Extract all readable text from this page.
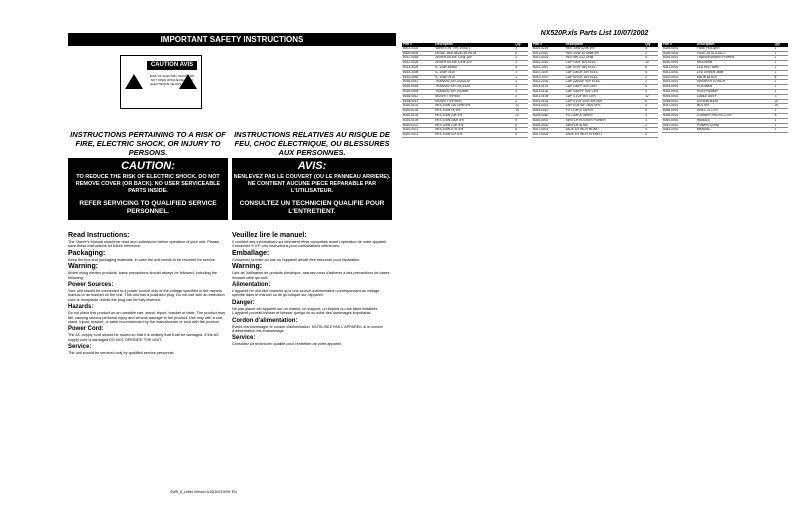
IMPORTANT SAFETY INSTRUCTIONS
CAUTION AVIS
RISK OF ELECTRIC SHOCK DO NOT OPEN RISQUE DE CHOC ELECTRIQUE NE PAS OUVRIR
INSTRUCTIONS PERTAINING TO A RISK OF FIRE, ELECTRIC SHOCK, OR INJURY TO PERSONS.
INSTRUCTIONS RELATIVES AU RISQUE DE FEU, CHOC ÉLECTRIQUE, OU BLESSURES AUX PERSONNES.
CAUTION:
TO REDUCE THE RISK OF ELECTRIC SHOCK, DO NOT REMOVE COVER (OR BACK). NO USER SERVICEABLE PARTS INSIDE.
REFER SERVICING TO QUALIFIED SERVICE PERSONNEL.
AVIS:
NENLEVEZ PAS LE COUVERT (OU LE PANNEAU ARRIERE). NE CONTIENT AUCUNE PIECE REPARABLE PAR L'UTILISATEUR.
CONSULTEZ UN TECHNICIEN QUALIFIE POUR L'ENTRETIENT.
Read Instructions:

The Owner's Manual should be read and understood before operation of your unit. Please, save these instructions for future reference.

Packaging:

Keep the box and packaging materials, in case the unit needs to be returned for service.

Warning:

When using electric products, basic precautions should always be followed, including the following:

Power Sources:

Your unit should be connected to a power source only of the voltage specified in the owners manual or as marked on the unit. This unit has a polarized plug. Do not use with an extension cord or receptacle unless the plug can be fully inserted.

Hazards:

Do not place this product on an unstable cart, stand, tripod, bracket or table. The product may fall, causing serious personal injury and serious damage to the product. Use only with a cart, stand, tripod, bracket, or table recommended by the manufacturer or sold with the product.

Power Cord:

The AC supply cord should be routed so that it is unlikely that it will be damaged. If the AC supply cord is damaged DO NOT OPERATE THE UNIT.

Service:

The unit should be serviced only by qualified service personnel.

Veuillez lire le manuel:

Il contient des informations qui devraient êtres comprises avant l'opération de votre appareil. Conservez S.V.P. ces instructions pour consultations ultérieures.

Emballage:

Conservez la boite au cas ou l'appareil devait être retourner pour réparation.

Warning:

Lors de l'utilisation de produits électrique, assurez-vous d'adhérer à des précautions de bases incluant celle qui suit:

Alimentation:

L'appareil ne doit être branché qu'à une source d'alimentation correspondant au voltage spécifié dans le manuel ou tel qu'indiqué sur l'appareil.

Danger:

Ne pas placer cet appareil sur un chariot, un support, un trépied ou une table instables. L'appareil pourrait tomber et blesser quelqu'un ou subir des dommages importants.

Cordon d'alimentation:

Évitez d'endommager le cordon d'alimentation. N'UTILISEZ PAS L'APPAREIL si le cordon d'alimentation est endommagé.

Service:

Consultez un technicien qualifié pour l'entretien de votre appareil.

SWR_6_Letter Version 4/26/2003 6/99: EN
NX520P.xls Parts List 10/07/2002
Part #	Description	Qty
6002-0302	VARISTOR TVR 10G471	1
6005-3004	DIODE 1N4148 D0-35 PA 28	6
6012-0018	ZENER DIODE 1/2W 15V	2
6012-0028	ZENER DIODE 1/2W 22V	2
6014-3025	IC 1/4W 4558D	4
6014-3039	IC 1/4W 7815	1
6014-3040	IC 1/4W 7915	1
6016-0012	TRANSISTOR 2SA1015	3
6016-0054	TRANSISTOR 2SC1815	3
6016-0094	TRANSISTOR 2SD669	2
6018-0012	MOSFET IRF540	2
6018-0013	MOSFET IRF9540	2
6020-0101	RES 1/4W 100 OHM 5%	12
6020-0102	RES 1/4W 1K 5%	18
6020-0103	RES 1/4W 10K 5%	22
6020-0104	RES 1/4W 100K 5%	9
6020-0222	RES 1/4W 2.2K 5%	6
6020-0472	RES 1/4W 4.7K 5%	8
6020-0473	RES 1/4W 47K 5%	5
Part #	Description	Qty
6020-0224	RES 1/4W 220K 5%	4
6021-0010	RES 1/2W 10 OHM 5%	2
6021-0022	RES 5W 0.22 OHM	4
6022-1010	CAP 10UF 50V ELEC	10
6022-1047	CAP 47UF 35V ELEC	6
6022-1100	CAP 100UF 25V ELEC	4
6022-1470	CAP 470UF 16V ELEC	2
6022-2220	CAP 2200UF 50V ELEC	2
6023-0101	CAP 100PF 50V CER	6
6023-0102	CAP 1000PF 50V CER	4
6023-0104	CAP 0.1UF 50V CER	12
6024-0104	CAP 0.1UF 100V MYLAR	6
6024-0473	CAP 0.047UF 100V MYL	4
6025-0010	POT 10K B TAPER	5
6025-0050	POT 50K A TAPER	3
6026-0001	SWITCH ROCKER POWER	1
6026-0002	SWITCH SLIDE	2
6027-0001	JACK 1/4 INCH MONO	4
6027-0002	JACK 1/4 INCH STEREO	2
Part #	Description	Qty
6028-0001	FUSE HOLDER	1
6028-0002	FUSE 2A SLO-BLO	1
6029-0001	TRANSFORMER POWER	1
6030-0001	HEATSINK	1
6031-0001	LED RED 3MM	2
6031-0002	LED GREEN 3MM	1
6032-0001	KNOB BLACK	8
6033-0001	SPEAKER 10 INCH	1
6034-0001	PCB MAIN	1
6034-0002	PCB PREAMP	1
6035-0001	CABLE ASSY	3
6036-0001	SCREW M3X8	20
6037-0001	NUT M3	20
6038-0001	GRILL CLOTH	1
6039-0001	CORNER PROTECTOR	8
6040-0001	HANDLE	1
6041-0001	POWER CORD	1
6042-0001	MANUAL	1
